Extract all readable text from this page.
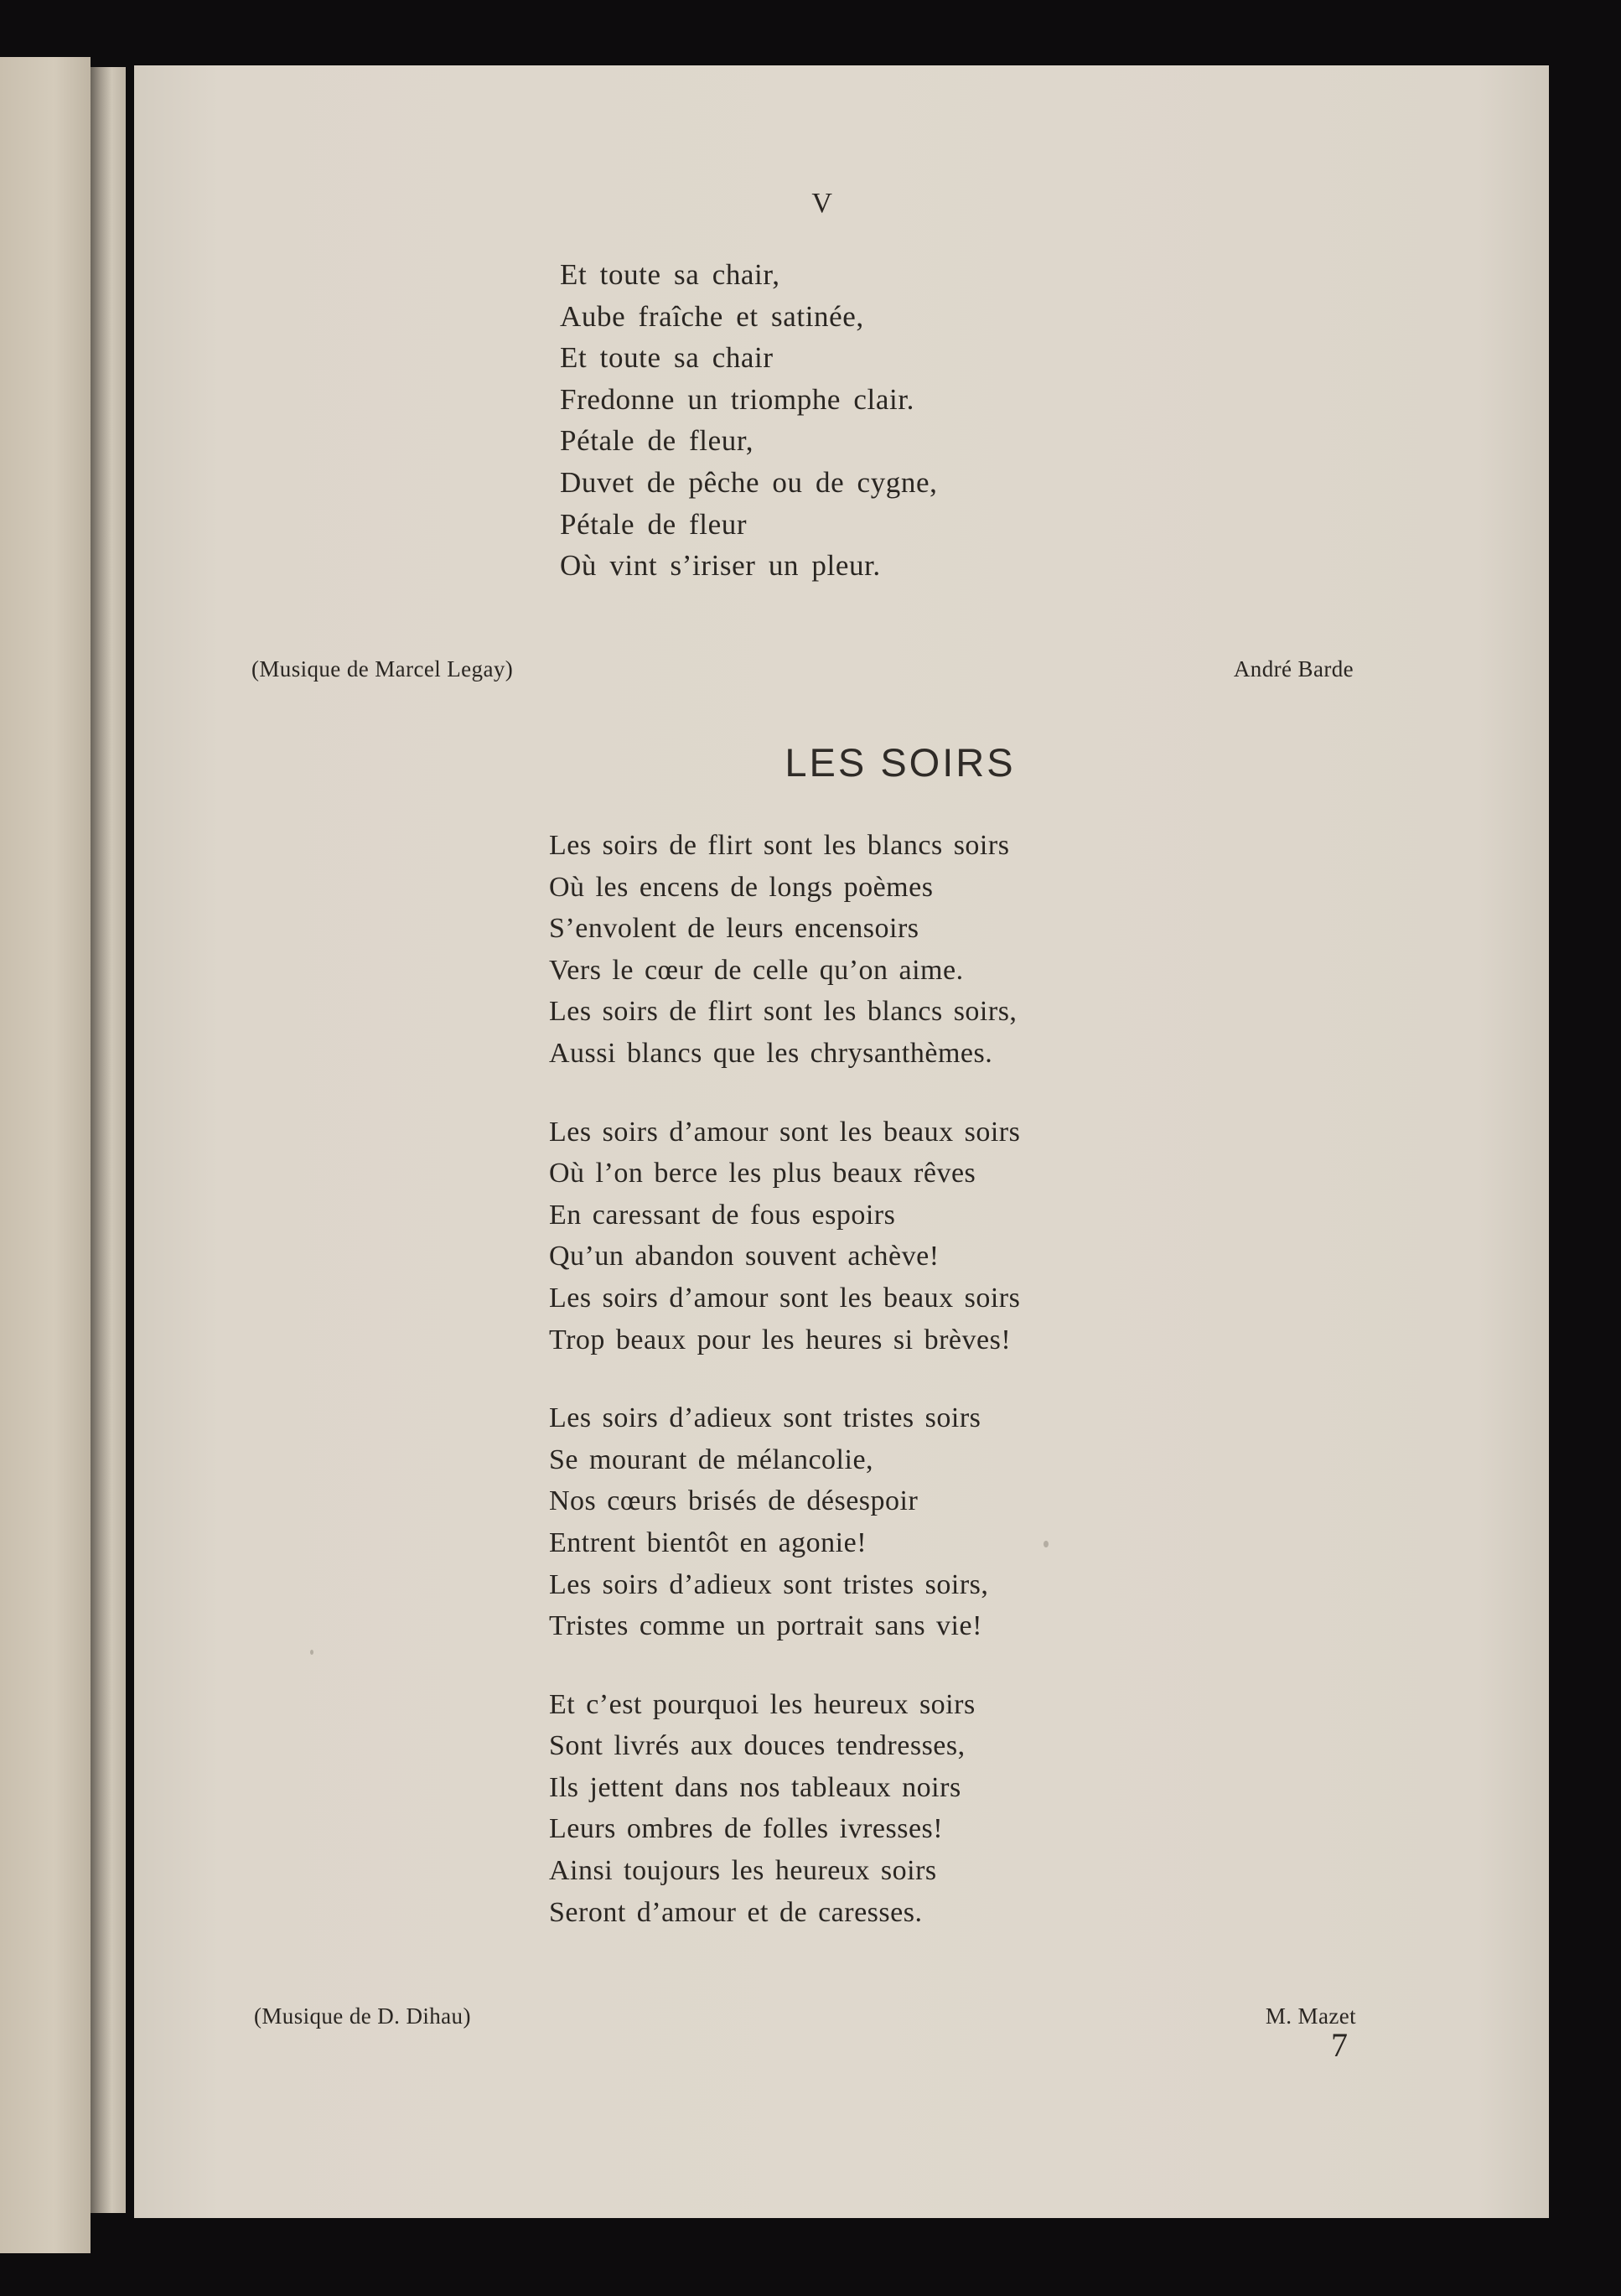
V
Et toute sa chair,
Aube fraîche et satinée,
Et toute sa chair
Fredonne un triomphe clair.
Pétale de fleur,
Duvet de pêche ou de cygne,
Pétale de fleur
Où vint s’iriser un pleur.
(Musique de Marcel Legay)	André Barde
LES SOIRS
Les soirs de flirt sont les blancs soirs
Où les encens de longs poèmes
S’envolent de leurs encensoirs
Vers le cœur de celle qu’on aime.
Les soirs de flirt sont les blancs soirs,
Aussi blancs que les chrysanthèmes.
Les soirs d’amour sont les beaux soirs
Où l’on berce les plus beaux rêves
En caressant de fous espoirs
Qu’un abandon souvent achève!
Les soirs d’amour sont les beaux soirs
Trop beaux pour les heures si brèves!
Les soirs d’adieux sont tristes soirs
Se mourant de mélancolie,
Nos cœurs brisés de désespoir
Entrent bientôt en agonie!
Les soirs d’adieux sont tristes soirs,
Tristes comme un portrait sans vie!
Et c’est pourquoi les heureux soirs
Sont livrés aux douces tendresses,
Ils jettent dans nos tableaux noirs
Leurs ombres de folles ivresses!
Ainsi toujours les heureux soirs
Seront d’amour et de caresses.
(Musique de D. Dihau)	M. Mazet
7
